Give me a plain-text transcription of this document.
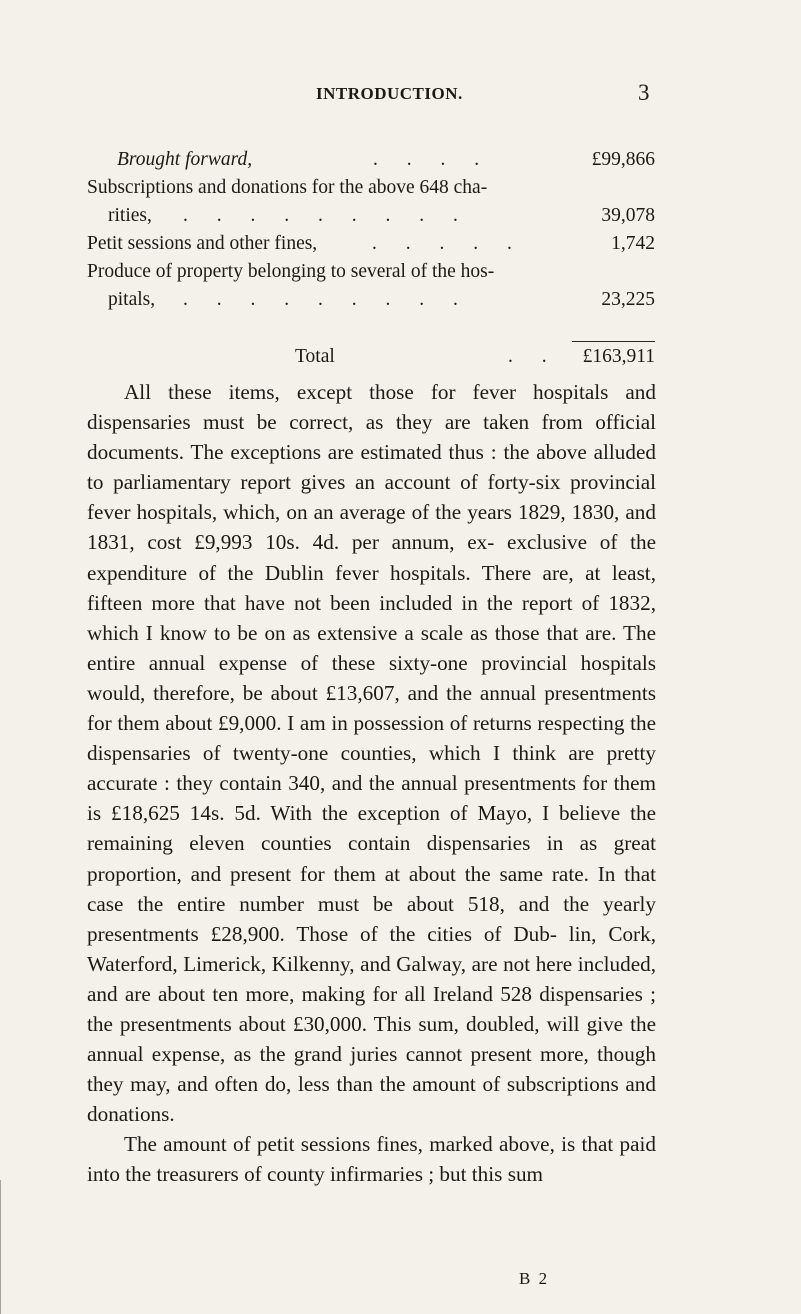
INTRODUCTION.	3
Brought forward,	. . . .	£99,866
Subscriptions and donations for the above 648 cha-
rities, . . . . . . . . .	39,078
Petit sessions and other fines,	. . . . .	1,742
Produce of property belonging to several of the hos-
pitals, . . . . . . . . .	23,225
Total	. .	£163,911

All these items, except those for fever hospitals and dispensaries must be correct, as they are taken from official documents. The exceptions are estimated thus : the above alluded to parliamentary report gives an account of forty-six provincial fever hospitals, which, on an average of the years 1829, 1830, and 1831, cost £9,993 10s. 4d. per annum, ex- exclusive of the expenditure of the Dublin fever hospitals. There are, at least, fifteen more that have not been included in the report of 1832, which I know to be on as extensive a scale as those that are. The entire annual expense of these sixty-one provincial hospitals would, therefore, be about £13,607, and the annual presentments for them about £9,000. I am in possession of returns respecting the dispensaries of twenty-one counties, which I think are pretty accurate : they contain 340, and the annual presentments for them is £18,625 14s. 5d. With the exception of Mayo, I believe the remaining eleven counties contain dispensaries in as great proportion, and present for them at about the same rate. In that case the entire number must be about 518, and the yearly presentments £28,900. Those of the cities of Dub- lin, Cork, Waterford, Limerick, Kilkenny, and Galway, are not here included, and are about ten more, making for all Ireland 528 dispensaries ; the presentments about £30,000. This sum, doubled, will give the annual expense, as the grand juries cannot present more, though they may, and often do, less than the amount of subscriptions and donations.

The amount of petit sessions fines, marked above, is that paid into the treasurers of county infirmaries ; but this sum

B 2
